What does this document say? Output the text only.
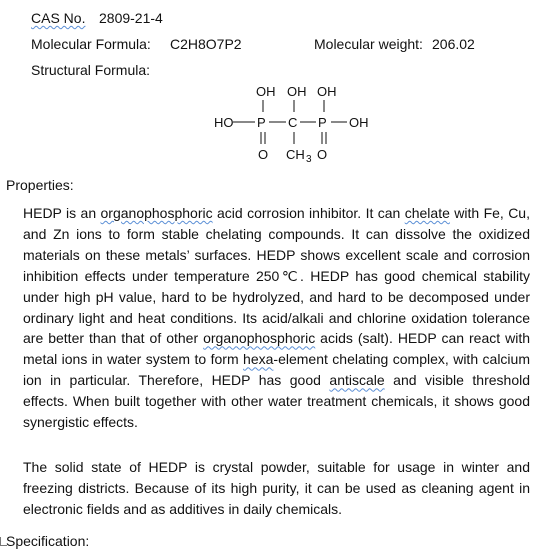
CAS No. 2809-21-4
Molecular Formula: C2H8O7P2	Molecular weight: 206.02
Structural Formula:
OH OH OH
HO P C P OH
O CH 3 O
Properties:

HEDP is an organophosphoric acid corrosion inhibitor. It can chelate with Fe, Cu, and Zn ions to form stable chelating compounds. It can dissolve the oxidized materials on these metals’ surfaces. HEDP shows excellent scale and corrosion inhibition effects under temperature 250℃. HEDP has good chemical stability under high pH value, hard to be hydrolyzed, and hard to be decomposed under ordinary light and heat conditions. Its acid/alkali and chlorine oxidation tolerance are better than that of other organophosphoric acids (salt). HEDP can react with metal ions in water system to form hexa-element chelating complex, with calcium ion in particular. Therefore, HEDP has good antiscale and visible threshold effects. When built together with other water treatment chemicals, it shows good synergistic effects.

The solid state of HEDP is crystal powder, suitable for usage in winter and freezing districts. Because of its high purity, it can be used as cleaning agent in electronic fields and as additives in daily chemicals.

Specification:
